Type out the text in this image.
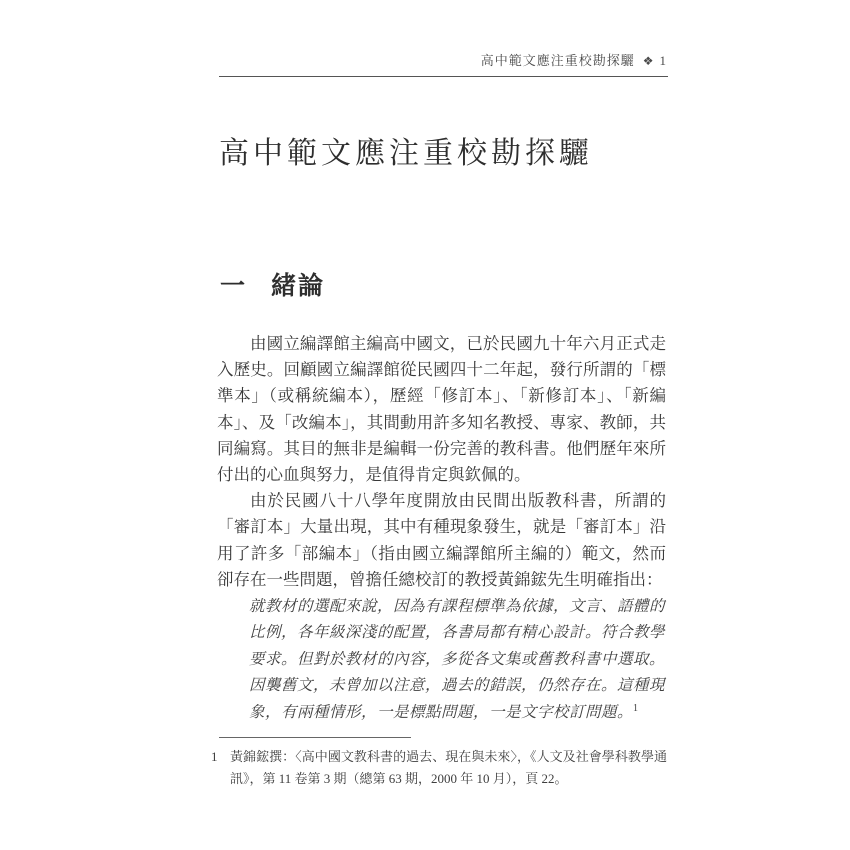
高中範文應注重校勘探驪 ❖ 1
高中範文應注重校勘探驪
一 緒論

由國立編譯館主編高中國文，已於民國九十年六月正式走入歷史。回顧國立編譯館從民國四十二年起，發行所謂的「標準本」（或稱統編本），歷經「修訂本」、「新修訂本」、「新編本」、及「改編本」，其間動用許多知名教授、專家、教師，共同編寫。其目的無非是編輯一份完善的教科書。他們歷年來所付出的心血與努力，是值得肯定與欽佩的。

由於民國八十八學年度開放由民間出版教科書，所謂的「審訂本」大量出現，其中有種現象發生，就是「審訂本」沿用了許多「部編本」（指由國立編譯館所主編的）範文，然而卻存在一些問題，曾擔任總校訂的教授黃錦鋐先生明確指出：

就教材的選配來說，因為有課程標準為依據，文言、語體的比例，各年級深淺的配置，各書局都有精心設計。符合教學要求。但對於教材的內容，多從各文集或舊教科書中選取。因襲舊文，未曾加以注意，過去的錯誤，仍然存在。這種現象，有兩種情形，一是標點問題，一是文字校訂問題。$^1$
1 黃錦鋐撰：〈高中國文教科書的過去、現在與未來〉，《人文及社會學科教學通訊》，第 11 卷第 3 期（總第 63 期，2000 年 10 月），頁 22。
